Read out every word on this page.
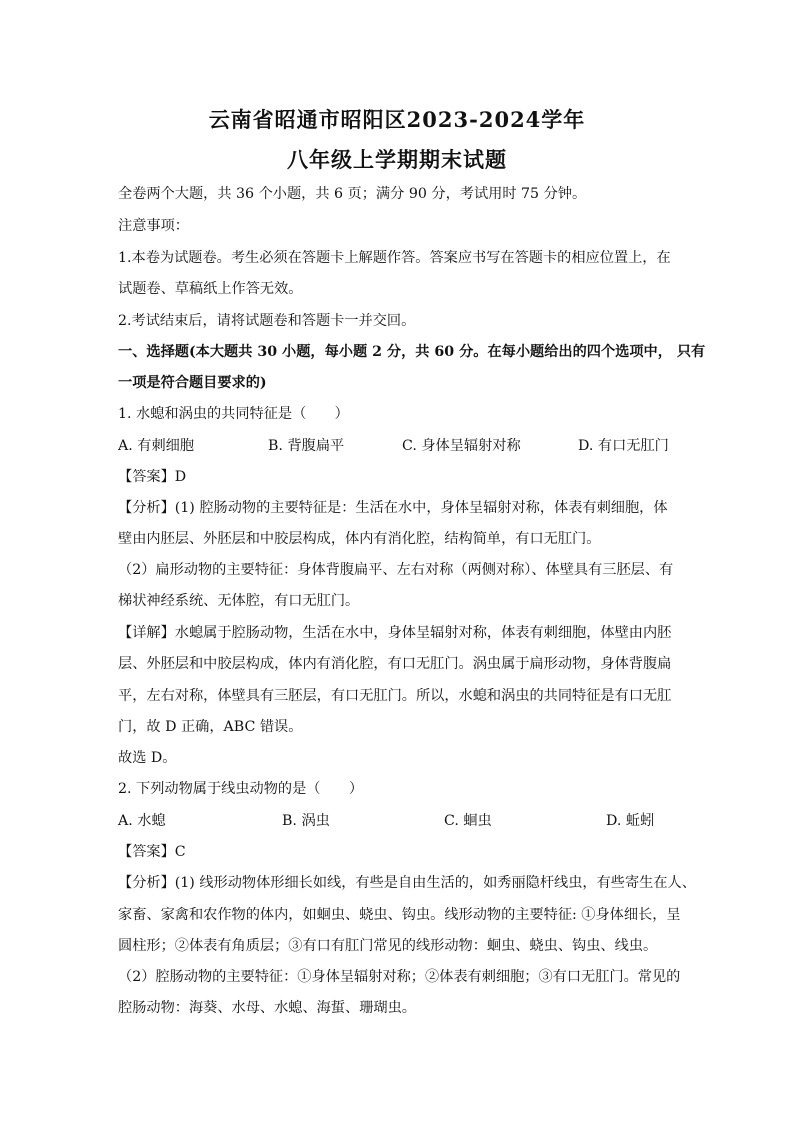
云南省昭通市昭阳区2023-2024学年
八年级上学期期末试题
全卷两个大题，共 36 个小题，共 6 页；满分 90 分，考试用时 75 分钟。
注意事项：
1.本卷为试题卷。考生必须在答题卡上解题作答。答案应书写在答题卡的相应位置上，在
试题卷、草稿纸上作答无效。
2.考试结束后，请将试题卷和答题卡一并交回。
一、选择题(本大题共 30 小题，每小题 2 分，共 60 分。在每小题给出的四个选项中， 只有
一项是符合题目要求的)
1. 水螅和涡虫的共同特征是（　　）
A. 有刺细胞	B. 背腹扁平	C. 身体呈辐射对称	D. 有口无肛门
【答案】D
【分析】(1) 腔肠动物的主要特征是：生活在水中，身体呈辐射对称，体表有刺细胞，体
壁由内胚层、外胚层和中胶层构成，体内有消化腔，结构简单，有口无肛门。
（2）扁形动物的主要特征：身体背腹扁平、左右对称（两侧对称）、体壁具有三胚层、有
梯状神经系统、无体腔，有口无肛门。
【详解】水螅属于腔肠动物，生活在水中，身体呈辐射对称，体表有刺细胞，体壁由内胚
层、外胚层和中胶层构成，体内有消化腔，有口无肛门。涡虫属于扁形动物，身体背腹扁
平，左右对称，体壁具有三胚层，有口无肛门。所以，水螅和涡虫的共同特征是有口无肛
门，故 D 正确，ABC 错误。
故选 D。
2. 下列动物属于线虫动物的是（　　）
A. 水螅	B. 涡虫	C. 蛔虫	D. 蚯蚓
【答案】C
【分析】(1) 线形动物体形细长如线，有些是自由生活的，如秀丽隐杆线虫，有些寄生在人、
家畜、家禽和农作物的体内，如蛔虫、蛲虫、钩虫。线形动物的主要特征: ①身体细长，呈
圆柱形；②体表有角质层；③有口有肛门常见的线形动物：蛔虫、蛲虫、钩虫、线虫。
（2）腔肠动物的主要特征：①身体呈辐射对称；②体表有刺细胞；③有口无肛门。常见的
腔肠动物：海葵、水母、水螅、海蜇、珊瑚虫。
